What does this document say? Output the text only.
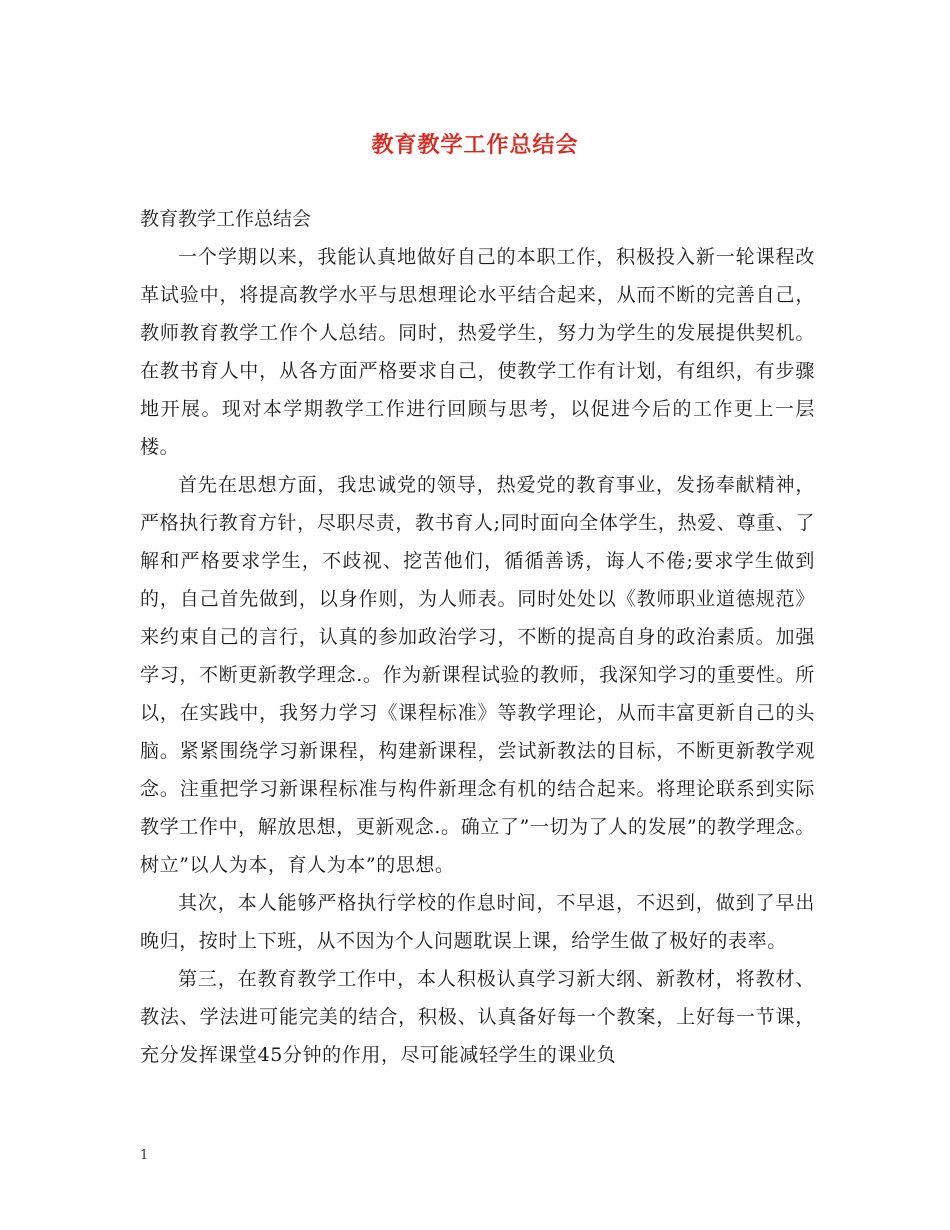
教育教学工作总结会

教育教学工作总结会

一个学期以来，我能认真地做好自己的本职工作，积极投入新一轮课程改革试验中，将提高教学水平与思想理论水平结合起来，从而不断的完善自己，教师教育教学工作个人总结。同时，热爱学生，努力为学生的发展提供契机。在教书育人中，从各方面严格要求自己，使教学工作有计划，有组织，有步骤地开展。现对本学期教学工作进行回顾与思考，以促进今后的工作更上一层楼。

首先在思想方面，我忠诚党的领导，热爱党的教育事业，发扬奉献精神，严格执行教育方针，尽职尽责，教书育人;同时面向全体学生，热爱、尊重、了解和严格要求学生，不歧视、挖苦他们，循循善诱，诲人不倦;要求学生做到的，自己首先做到，以身作则，为人师表。同时处处以《教师职业道德规范》来约束自己的言行，认真的参加政治学习，不断的提高自身的政治素质。加强学习，不断更新教学理念.。作为新课程试验的教师，我深知学习的重要性。所以，在实践中，我努力学习《课程标准》等教学理论，从而丰富更新自己的头脑。紧紧围绕学习新课程，构建新课程，尝试新教法的目标，不断更新教学观念。注重把学习新课程标准与构件新理念有机的结合起来。将理论联系到实际教学工作中，解放思想，更新观念.。确立了”一切为了人的发展”的教学理念。树立”以人为本，育人为本”的思想。

其次，本人能够严格执行学校的作息时间，不早退，不迟到，做到了早出晚归，按时上下班，从不因为个人问题耽误上课，给学生做了极好的表率。

第三，在教育教学工作中，本人积极认真学习新大纲、新教材，将教材、教法、学法进可能完美的结合，积极、认真备好每一个教案，上好每一节课，充分发挥课堂45分钟的作用，尽可能减轻学生的课业负

1
